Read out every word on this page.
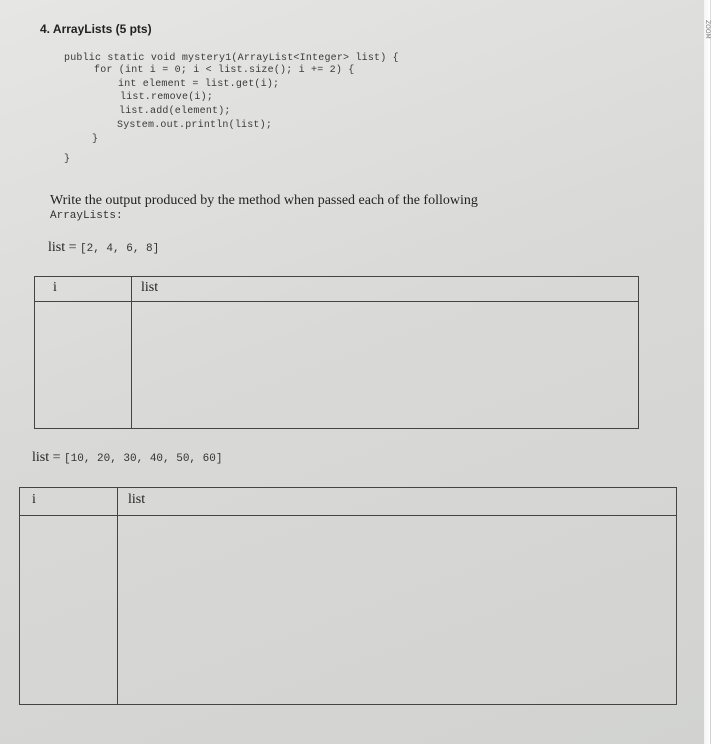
ZOOM
4. ArrayLists (5 pts)
public static void mystery1(ArrayList<Integer> list) {
for (int i = 0; i < list.size(); i += 2) {
int element = list.get(i);
list.remove(i);
list.add(element);
System.out.println(list);
}
}
Write the output produced by the method when passed each of the following
ArrayLists:
list = [2, 4, 6, 8]
i	list
list = [10, 20, 30, 40, 50, 60]
i	list
